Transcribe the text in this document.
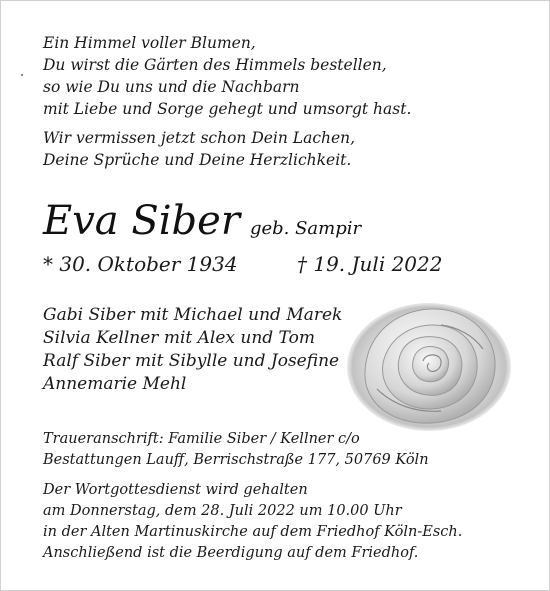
Ein Himmel voller Blumen,
Du wirst die Gärten des Himmels bestellen,
so wie Du uns und die Nachbarn
mit Liebe und Sorge gehegt und umsorgt hast.
Wir vermissen jetzt schon Dein Lachen,
Deine Sprüche und Deine Herzlichkeit.
Eva Siber geb. Sampir
* 30. Oktober 1934	† 19. Juli 2022
Gabi Siber mit Michael und Marek
Silvia Kellner mit Alex und Tom
Ralf Siber mit Sibylle und Josefine
Annemarie Mehl
Traueranschrift: Familie Siber / Kellner c/o
Bestattungen Lauff, Berrischstraße 177, 50769 Köln
Der Wortgottesdienst wird gehalten
am Donnerstag, dem 28. Juli 2022 um 10.00 Uhr
in der Alten Martinuskirche auf dem Friedhof Köln-Esch.
Anschließend ist die Beerdigung auf dem Friedhof.
